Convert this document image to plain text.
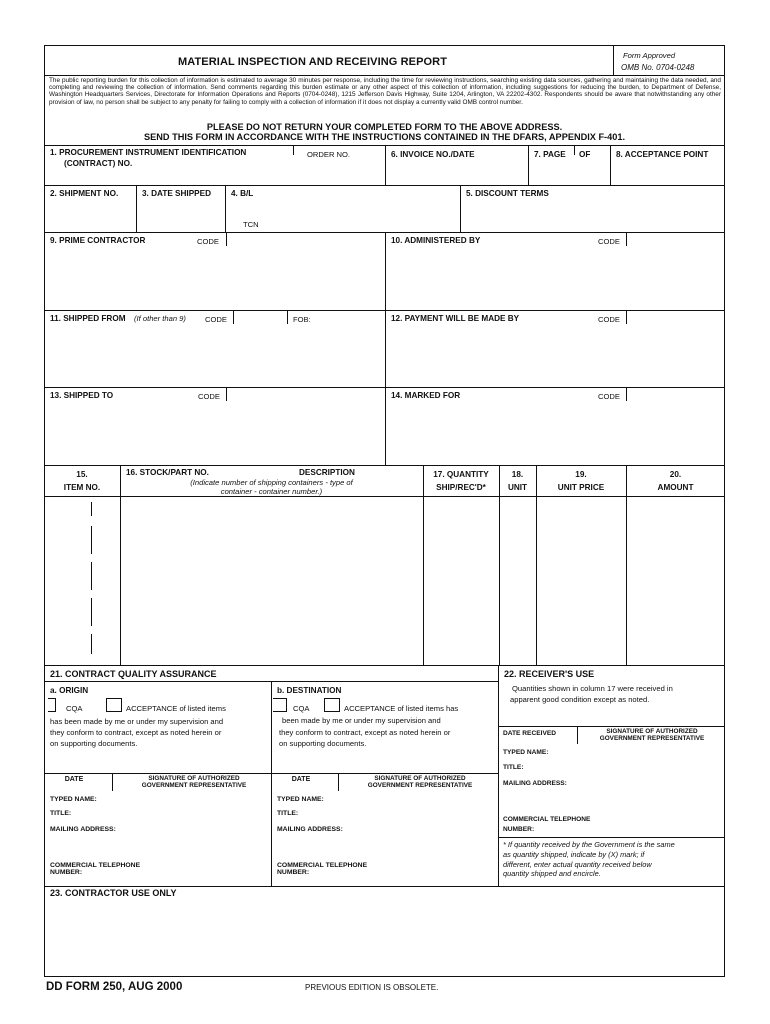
MATERIAL INSPECTION AND RECEIVING REPORT
Form Approved
OMB No. 0704-0248
The public reporting burden for this collection of information is estimated to average 30 minutes per response, including the time for reviewing instructions, searching existing data sources, gathering and maintaining the data needed, and completing and reviewing the collection of information. Send comments regarding this burden estimate or any other aspect of this collection of information, including suggestions for reducing the burden, to Department of Defense, Washington Headquarters Services, Directorate for Information Operations and Reports (0704-0248), 1215 Jefferson Davis Highway, Suite 1204, Arlington, VA 22202-4302. Respondents should be aware that notwithstanding any other provision of law, no person shall be subject to any penalty for failing to comply with a collection of information if it does not display a currently valid OMB control number.
PLEASE DO NOT RETURN YOUR COMPLETED FORM TO THE ABOVE ADDRESS.
SEND THIS FORM IN ACCORDANCE WITH THE INSTRUCTIONS CONTAINED IN THE DFARS, APPENDIX F-401.
1. PROCUREMENT INSTRUMENT IDENTIFICATION
(CONTRACT) NO.
ORDER NO.	6. INVOICE NO./DATE	7. PAGE OF	8. ACCEPTANCE POINT
2. SHIPMENT NO.	3. DATE SHIPPED 4. B/L
TCN
5. DISCOUNT TERMS
9. PRIME CONTRACTOR	CODE	10. ADMINISTERED BY	CODE
11. SHIPPED FROM (If other than 9)	CODE	FOB:	12. PAYMENT WILL BE MADE BY	CODE
13. SHIPPED TO	CODE	14. MARKED FOR	CODE
15.
ITEM NO.
16. STOCK/PART NO.	DESCRIPTION
(Indicate number of shipping containers - type of
container - container number.)
17. QUANTITY
SHIP/REC'D*
18.
UNIT
19.
UNIT PRICE
20.
AMOUNT
21. CONTRACT QUALITY ASSURANCE
a. ORIGIN
CQA	ACCEPTANCE of listed items
has been made by me or under my supervision and
they conform to contract, except as noted herein or
on supporting documents.
DATE	SIGNATURE OF AUTHORIZED
GOVERNMENT REPRESENTATIVE
TYPED NAME:
TITLE:
MAILING ADDRESS:
COMMERCIAL TELEPHONE
NUMBER:
b. DESTINATION
CQA	ACCEPTANCE of listed items has
been made by me or under my supervision and
they conform to contract, except as noted herein or
on supporting documents.
DATE	SIGNATURE OF AUTHORIZED
GOVERNMENT REPRESENTATIVE
TYPED NAME:
TITLE:
MAILING ADDRESS:
COMMERCIAL TELEPHONE
NUMBER:
22. RECEIVER'S USE
Quantities shown in column 17 were received in
apparent good condition except as noted.
DATE RECEIVED	SIGNATURE OF AUTHORIZED
GOVERNMENT REPRESENTATIVE
TYPED NAME:
TITLE:
MAILING ADDRESS:
COMMERCIAL TELEPHONE
NUMBER:
* If quantity received by the Government is the same
as quantity shipped, indicate by (X) mark; if
different, enter actual quantity received below
quantity shipped and encircle.
23. CONTRACTOR USE ONLY
DD FORM 250, AUG 2000	PREVIOUS EDITION IS OBSOLETE.
